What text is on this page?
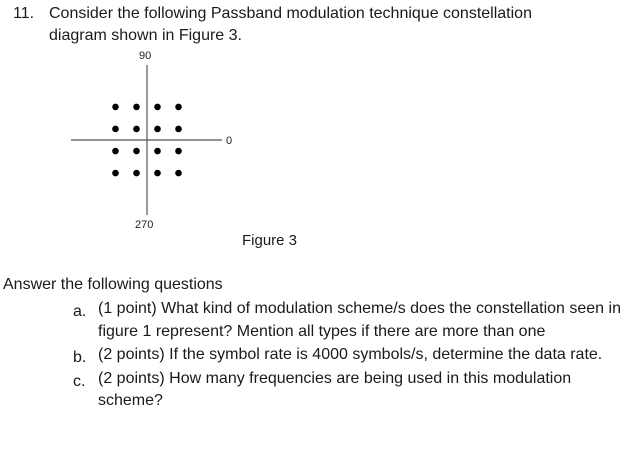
11. Consider the following Passband modulation technique constellation
diagram shown in Figure 3.
90
0
270
Figure 3
Answer the following questions
a. (1 point) What kind of modulation scheme/s does the constellation seen in figure 1 represent? Mention all types if there are more than one
b. (2 points) If the symbol rate is 4000 symbols/s, determine the data rate.
c. (2 points) How many frequencies are being used in this modulation scheme?
